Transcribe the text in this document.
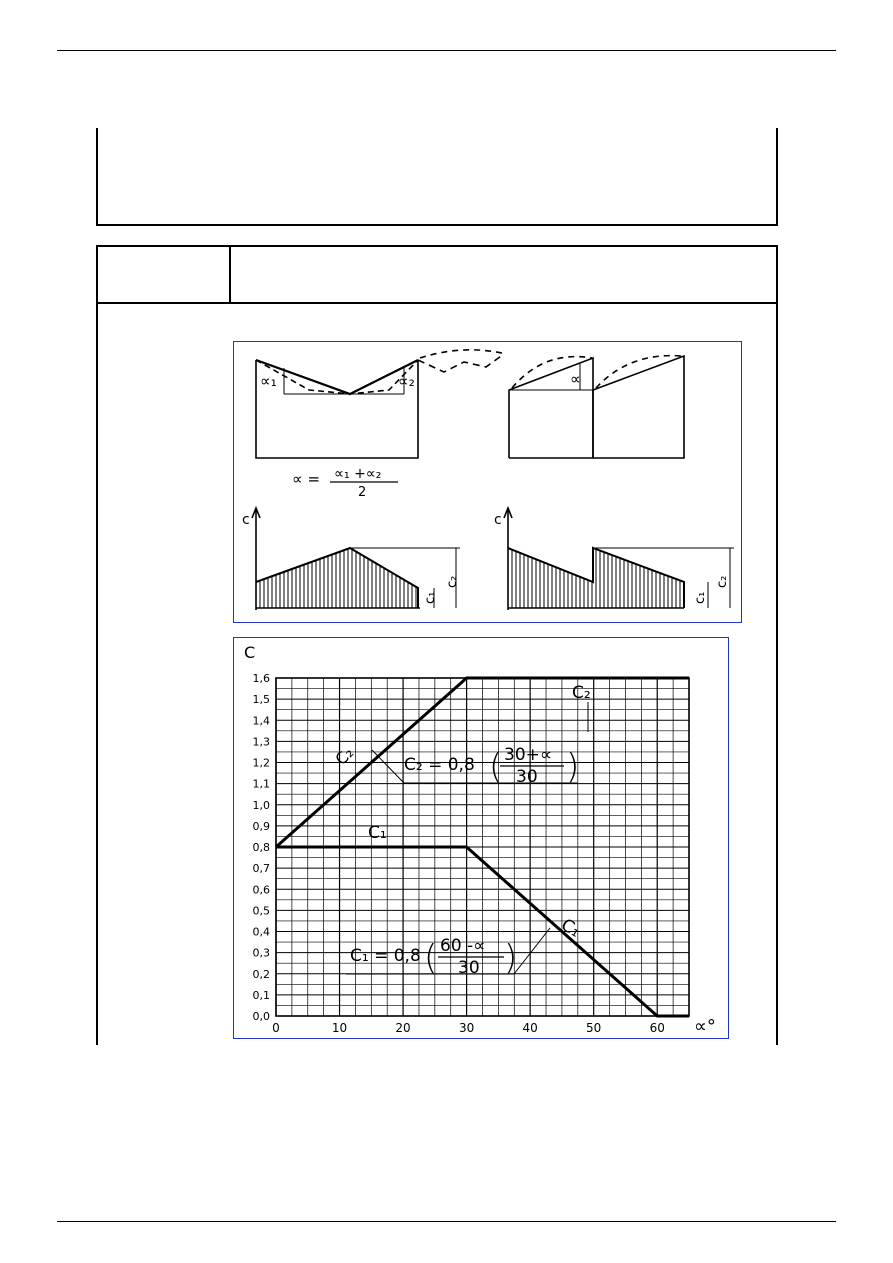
∝₁	∝₂	∝
∝ = ∝₁ +∝₂
2
c
c₁
c₂
c
c₁
c₂
0,0
0,1
0,2
0,3
0,4
0,5
0,6
0,7
0,8
0,9
1,0
1,1
1,2
1,3
1,4
1,5
1,6
0	10	20	30	40	50	60
C
∝°
C₂
C₂
C₂ = 0,8 30+∝
30
( )
C₁
C₁
C₁ = 0,8 60 -∝
30
( )
